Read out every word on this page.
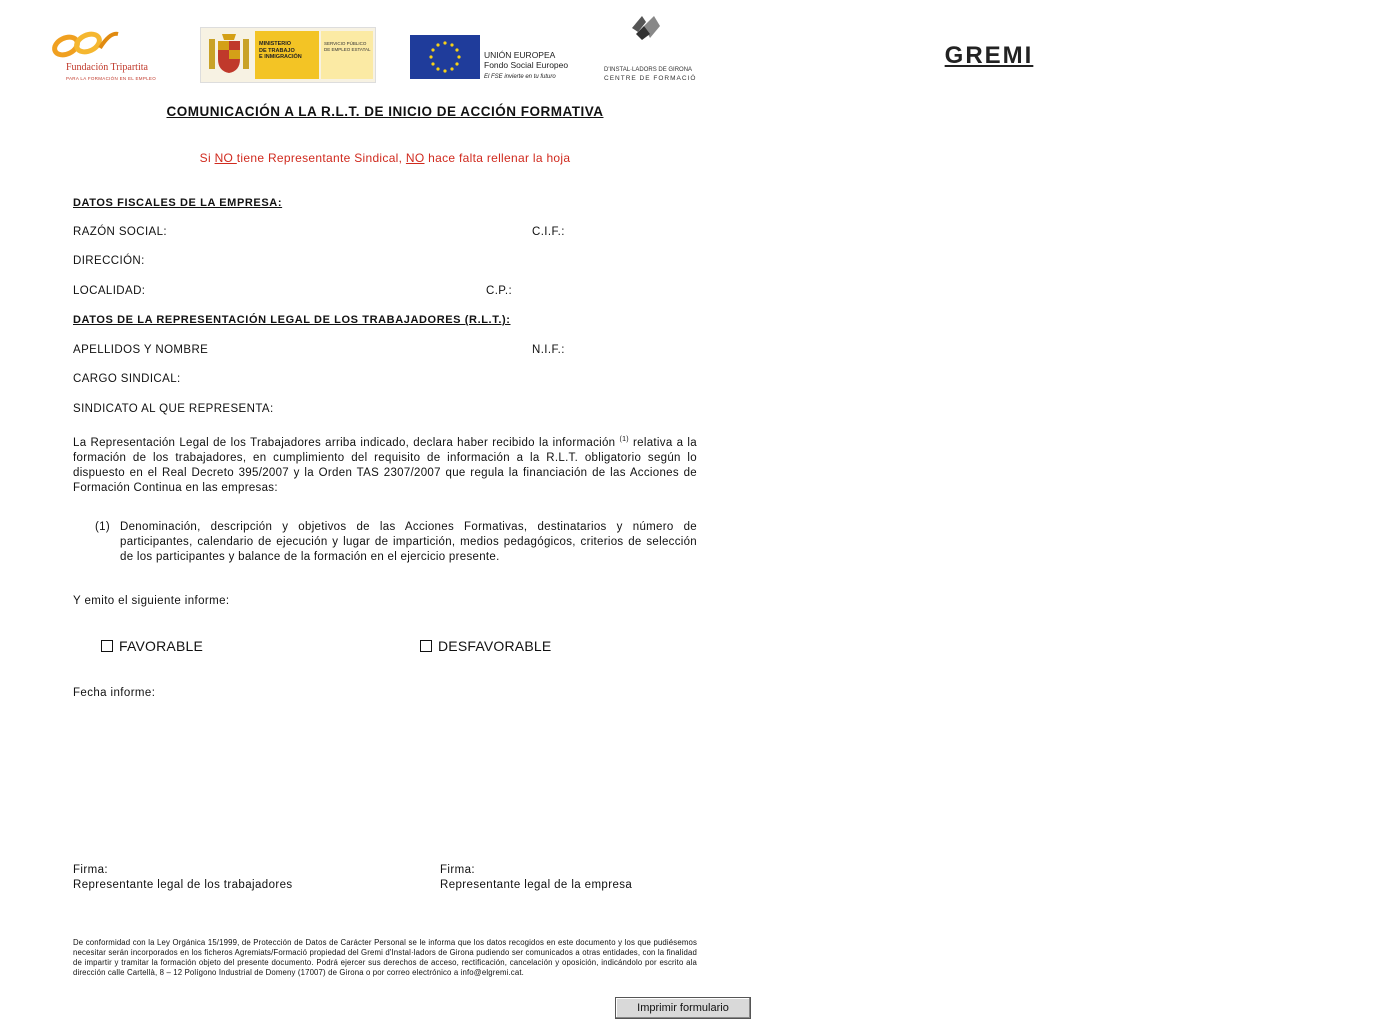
Fundación Tripartita
PARA LA FORMACIÓN EN EL EMPLEO
MINISTERIO
DE TRABAJO
E INMIGRACIÓN
SERVICIO PÚBLICO
DE EMPLEO ESTATAL
UNIÓN EUROPEA
Fondo Social Europeo
El FSE invierte en tu futuro
GREMI
D'INSTAL·LADORS DE GIRONA
CENTRE DE FORMACIÓ
COMUNICACIÓN A LA R.L.T. DE INICIO DE ACCIÓN FORMATIVA
Si NO tiene Representante Sindical, NO hace falta rellenar la hoja
DATOS FISCALES DE LA EMPRESA:
RAZÓN SOCIAL:	C.I.F.:
DIRECCIÓN:
LOCALIDAD:	C.P.:
DATOS DE LA REPRESENTACIÓN LEGAL DE LOS TRABAJADORES (R.L.T.):
APELLIDOS Y NOMBRE	N.I.F.:
CARGO SINDICAL:
SINDICATO AL QUE REPRESENTA:
La Representación Legal de los Trabajadores arriba indicado, declara haber recibido la información $^{(1)}$ relativa a la formación de los trabajadores, en cumplimiento del requisito de información a la R.L.T. obligatorio según lo dispuesto en el Real Decreto 395/2007 y la Orden TAS 2307/2007 que regula la financiación de las Acciones de Formación Continua en las empresas:
(1) Denominación, descripción y objetivos de las Acciones Formativas, destinatarios y número de participantes, calendario de ejecución y lugar de impartición, medios pedagógicos, criterios de selección de los participantes y balance de la formación en el ejercicio presente.
Y emito el siguiente informe:
FAVORABLE	DESFAVORABLE
Fecha informe:
Firma:
Representante legal de los trabajadores
Firma:
Representante legal de la empresa
De conformidad con la Ley Orgánica 15/1999, de Protección de Datos de Carácter Personal se le informa que los datos recogidos en este documento y los que pudiésemos necesitar serán incorporados en los ficheros Agremiats/Formació propiedad del Gremi d'Instal·ladors de Girona pudiendo ser comunicados a otras entidades, con la finalidad de impartir y tramitar la formación objeto del presente documento. Podrá ejercer sus derechos de acceso, rectificación, cancelación y oposición, indicándolo por escrito ala dirección calle Cartellà, 8 – 12 Polígono Industrial de Domeny (17007) de Girona o por correo electrónico a info@elgremi.cat.
Imprimir formulario
